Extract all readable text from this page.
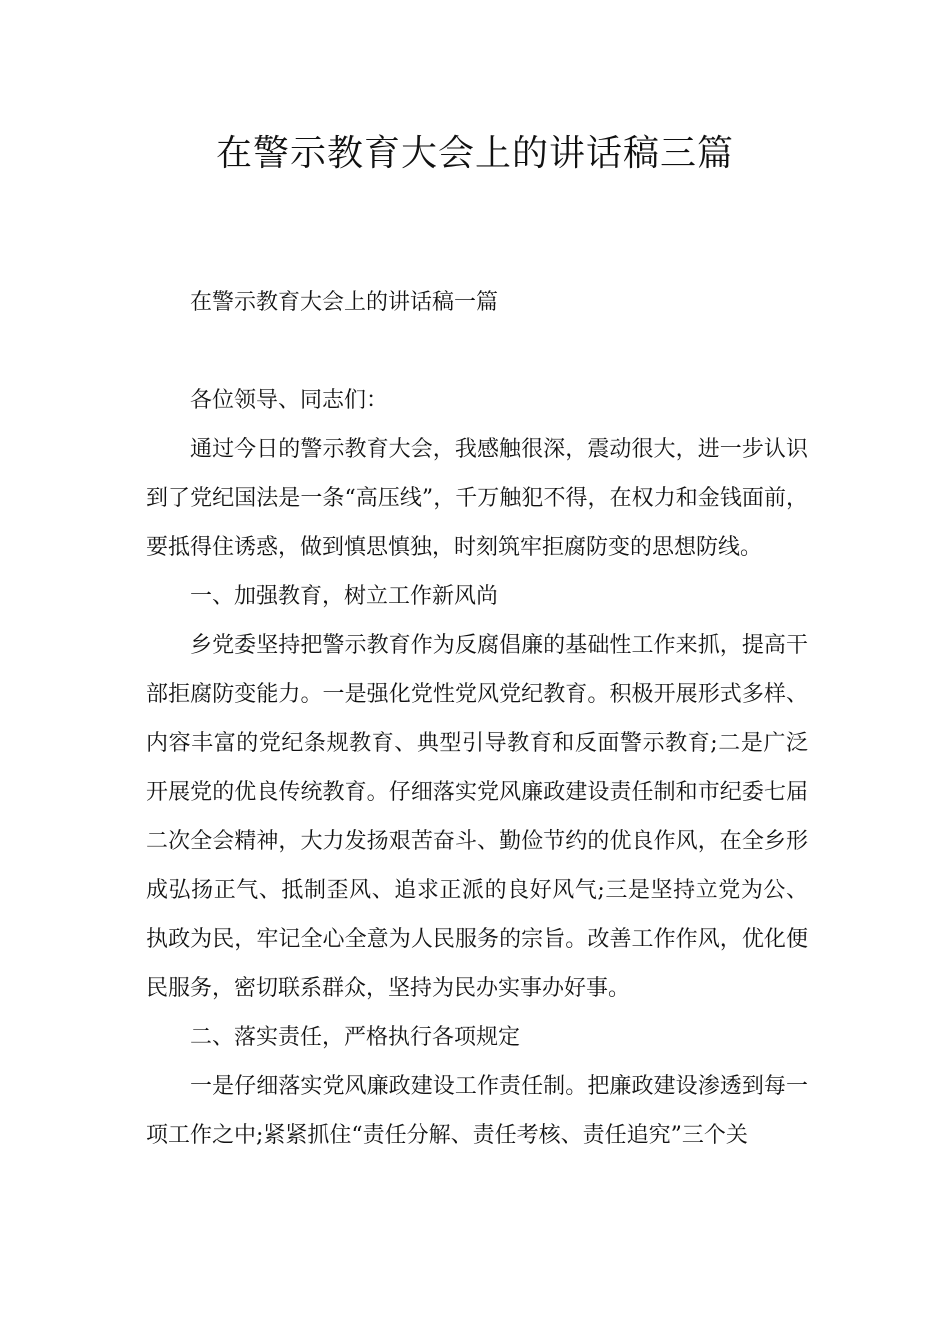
在警示教育大会上的讲话稿三篇

在警示教育大会上的讲话稿一篇

各位领导、同志们：

通过今日的警示教育大会，我感触很深，震动很大，进一步认识到了党纪国法是一条“高压线”，千万触犯不得，在权力和金钱面前，要抵得住诱惑，做到慎思慎独，时刻筑牢拒腐防变的思想防线。

一、加强教育，树立工作新风尚

乡党委坚持把警示教育作为反腐倡廉的基础性工作来抓，提高干部拒腐防变能力。一是强化党性党风党纪教育。积极开展形式多样、内容丰富的党纪条规教育、典型引导教育和反面警示教育;二是广泛开展党的优良传统教育。仔细落实党风廉政建设责任制和市纪委七届二次全会精神，大力发扬艰苦奋斗、勤俭节约的优良作风，在全乡形成弘扬正气、抵制歪风、追求正派的良好风气;三是坚持立党为公、执政为民，牢记全心全意为人民服务的宗旨。改善工作作风，优化便民服务，密切联系群众，坚持为民办实事办好事。

二、落实责任，严格执行各项规定

一是仔细落实党风廉政建设工作责任制。把廉政建设渗透到每一项工作之中;紧紧抓住“责任分解、责任考核、责任追究”三个关
